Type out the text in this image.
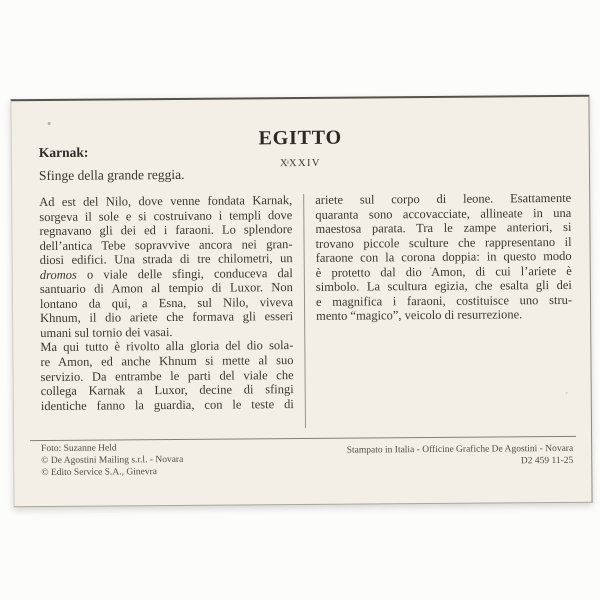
EGITTO
XXXIV
Karnak:
Sfinge della grande reggia.
Ad est del Nilo, dove venne fondata Karnak,
sorgeva il sole e si costruivano i templi dove
regnavano gli dei ed i faraoni. Lo splendore
dell’antica Tebe sopravvive ancora nei gran-
diosi edifici. Una strada di tre chilometri, un
dromos o viale delle sfingi, conduceva dal
santuario di Amon al tempio di Luxor. Non
lontano da qui, a Esna, sul Nilo, viveva
Khnum, il dio ariete che formava gli esseri
umani sul tornio dei vasai.
Ma qui tutto è rivolto alla gloria del dio sola-
re Amon, ed anche Khnum si mette al suo
servizio. Da entrambe le parti del viale che
collega Karnak a Luxor, decine di sfingi
identiche fanno la guardia, con le teste di
ariete sul corpo di leone. Esattamente
quaranta sono accovacciate, allineate in una
maestosa parata. Tra le zampe anteriori, si
trovano piccole sculture che rappresentano il
faraone con la corona doppia: in questo modo
è protetto dal dio Amon, di cui l’ariete è
simbolo. La scultura egizia, che esalta gli dei
e magnifica i faraoni, costituisce uno stru-
mento “magico”, veicolo di resurrezione.
Foto: Suzanne Held
© De Agostini Mailing s.r.l. - Novara
© Edito Service S.A., Ginevra
Stampato in Italia - Officine Grafiche De Agostini - Novara
D2 459 11-25
